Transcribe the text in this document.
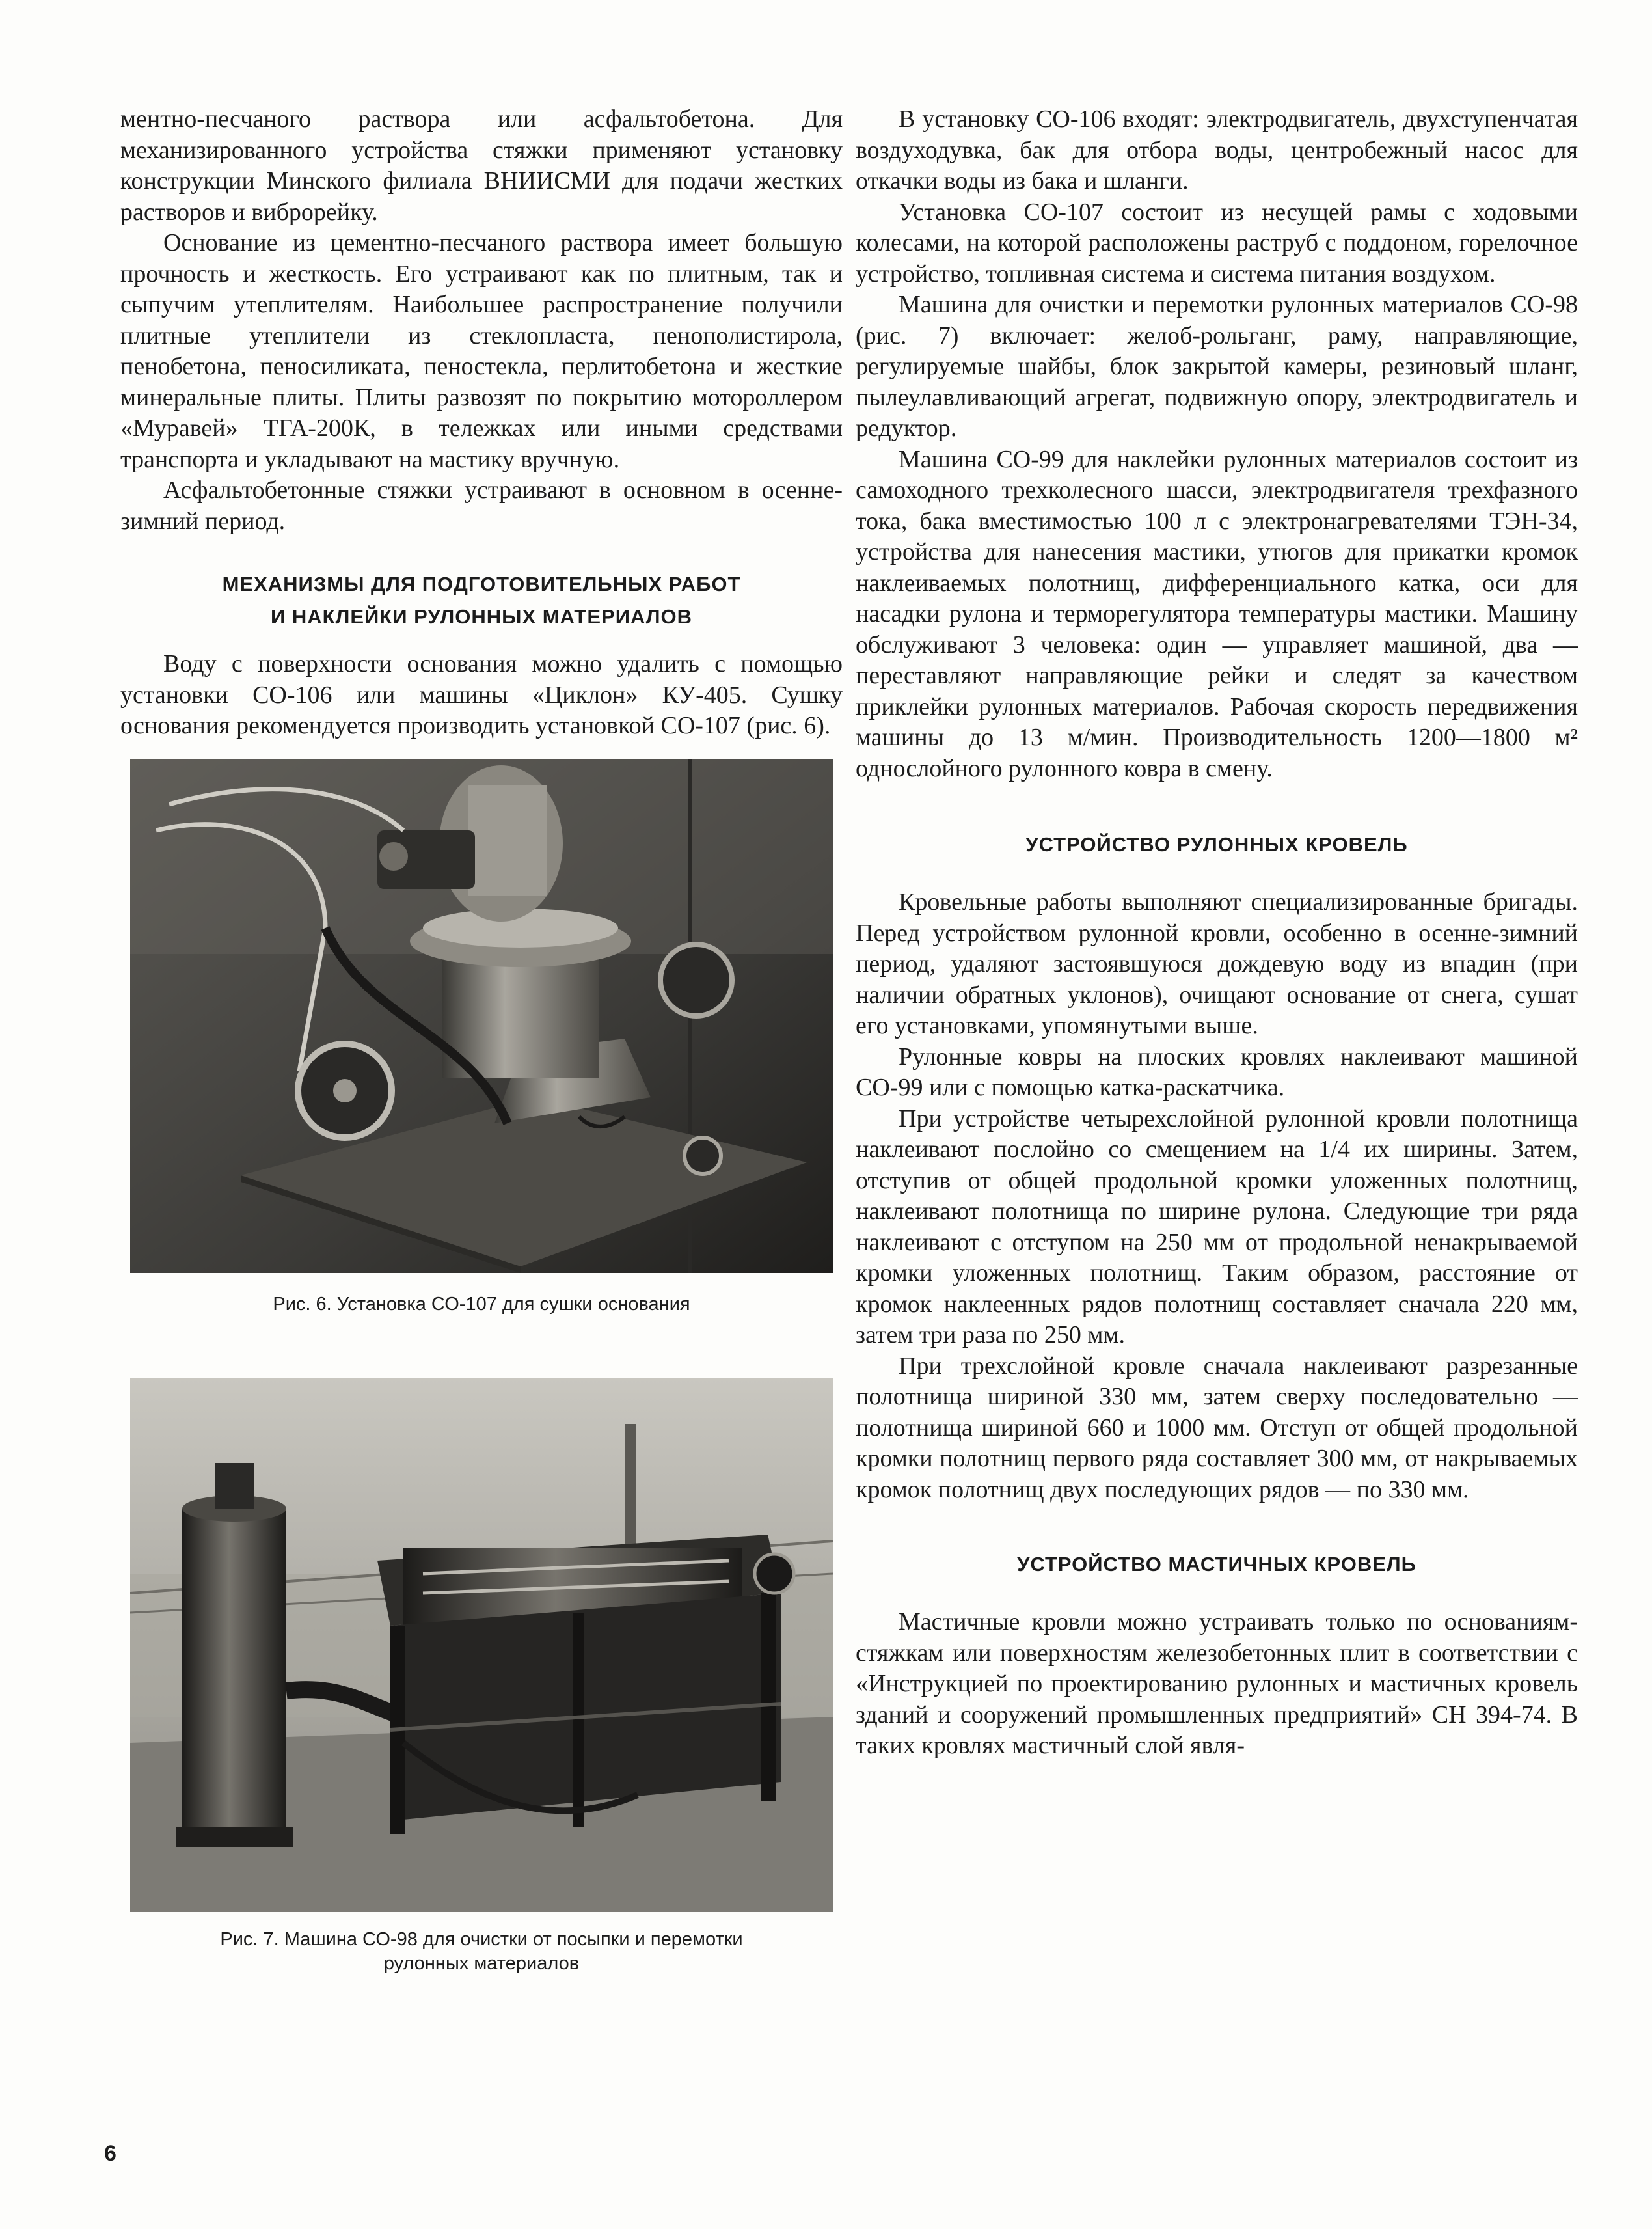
ментно-песчаного раствора или асфальтобетона. Для механизированного устройства стяжки применяют установку конструкции Минского филиала ВНИИСМИ для подачи жестких растворов и виброрейку.

Основание из цементно-песчаного раствора имеет большую прочность и жесткость. Его устраивают как по плитным, так и сыпучим утеплителям. Наибольшее распространение получили плитные утеплители из стеклопласта, пенополистирола, пенобетона, пеносиликата, пеностекла, перлитобетона и жесткие минеральные плиты. Плиты развозят по покрытию мотороллером «Муравей» ТГА-200К, в тележках или иными средствами транспорта и укладывают на мастику вручную.

Асфальтобетонные стяжки устраивают в основном в осенне-зимний период.

МЕХАНИЗМЫ ДЛЯ ПОДГОТОВИТЕЛЬНЫХ РАБОТ
И НАКЛЕЙКИ РУЛОННЫХ МАТЕРИАЛОВ

Воду с поверхности основания можно удалить с помощью установки СО-106 или машины «Циклон» КУ-405. Сушку основания рекомендуется производить установкой СО-107 (рис. 6).

Рис. 6. Установка СО-107 для сушки основания
Рис. 7. Машина СО-98 для очистки от посыпки и перемотки
рулонных материалов

В установку СО-106 входят: электродвигатель, двухступенчатая воздуходувка, бак для отбора воды, центробежный насос для откачки воды из бака и шланги.

Установка СО-107 состоит из несущей рамы с ходовыми колесами, на которой расположены раструб с поддоном, горелочное устройство, топливная система и система питания воздухом.

Машина для очистки и перемотки рулонных материалов СО-98 (рис. 7) включает: желоб-рольганг, раму, направляющие, регулируемые шайбы, блок закрытой камеры, резиновый шланг, пылеулавливающий агрегат, подвижную опору, электродвигатель и редуктор.

Машина СО-99 для наклейки рулонных материалов состоит из самоходного трехколесного шасси, электродвигателя трехфазного тока, бака вместимостью 100 л с электронагревателями ТЭН-34, устройства для нанесения мастики, утюгов для прикатки кромок наклеиваемых полотнищ, дифференциального катка, оси для насадки рулона и терморегулятора температуры мастики. Машину обслуживают 3 человека: один — управляет машиной, два — переставляют направляющие рейки и следят за качеством приклейки рулонных материалов. Рабочая скорость передвижения машины до 13 м/мин. Производительность 1200—1800 м² однослойного рулонного ковра в смену.

УСТРОЙСТВО РУЛОННЫХ КРОВЕЛЬ

Кровельные работы выполняют специализированные бригады. Перед устройством рулонной кровли, особенно в осенне-зимний период, удаляют застоявшуюся дождевую воду из впадин (при наличии обратных уклонов), очищают основание от снега, сушат его установками, упомянутыми выше.

Рулонные ковры на плоских кровлях наклеивают машиной СО-99 или с помощью катка-раскатчика.

При устройстве четырехслойной рулонной кровли полотнища наклеивают послойно со смещением на 1/4 их ширины. Затем, отступив от общей продольной кромки уложенных полотнищ, наклеивают полотнища по ширине рулона. Следующие три ряда наклеивают с отступом на 250 мм от продольной ненакрываемой кромки уложенных полотнищ. Таким образом, расстояние от кромок наклеенных рядов полотнищ составляет сначала 220 мм, затем три раза по 250 мм.

При трехслойной кровле сначала наклеивают разрезанные полотнища шириной 330 мм, затем сверху последовательно — полотнища шириной 660 и 1000 мм. Отступ от общей продольной кромки полотнищ первого ряда составляет 300 мм, от накрываемых кромок полотнищ двух последующих рядов — по 330 мм.

УСТРОЙСТВО МАСТИЧНЫХ КРОВЕЛЬ

Мастичные кровли можно устраивать только по основаниям-стяжкам или поверхностям железобетонных плит в соответствии с «Инструкцией по проектированию рулонных и мастичных кровель зданий и сооружений промышленных предприятий» СН 394-74. В таких кровлях мастичный слой явля-

6
